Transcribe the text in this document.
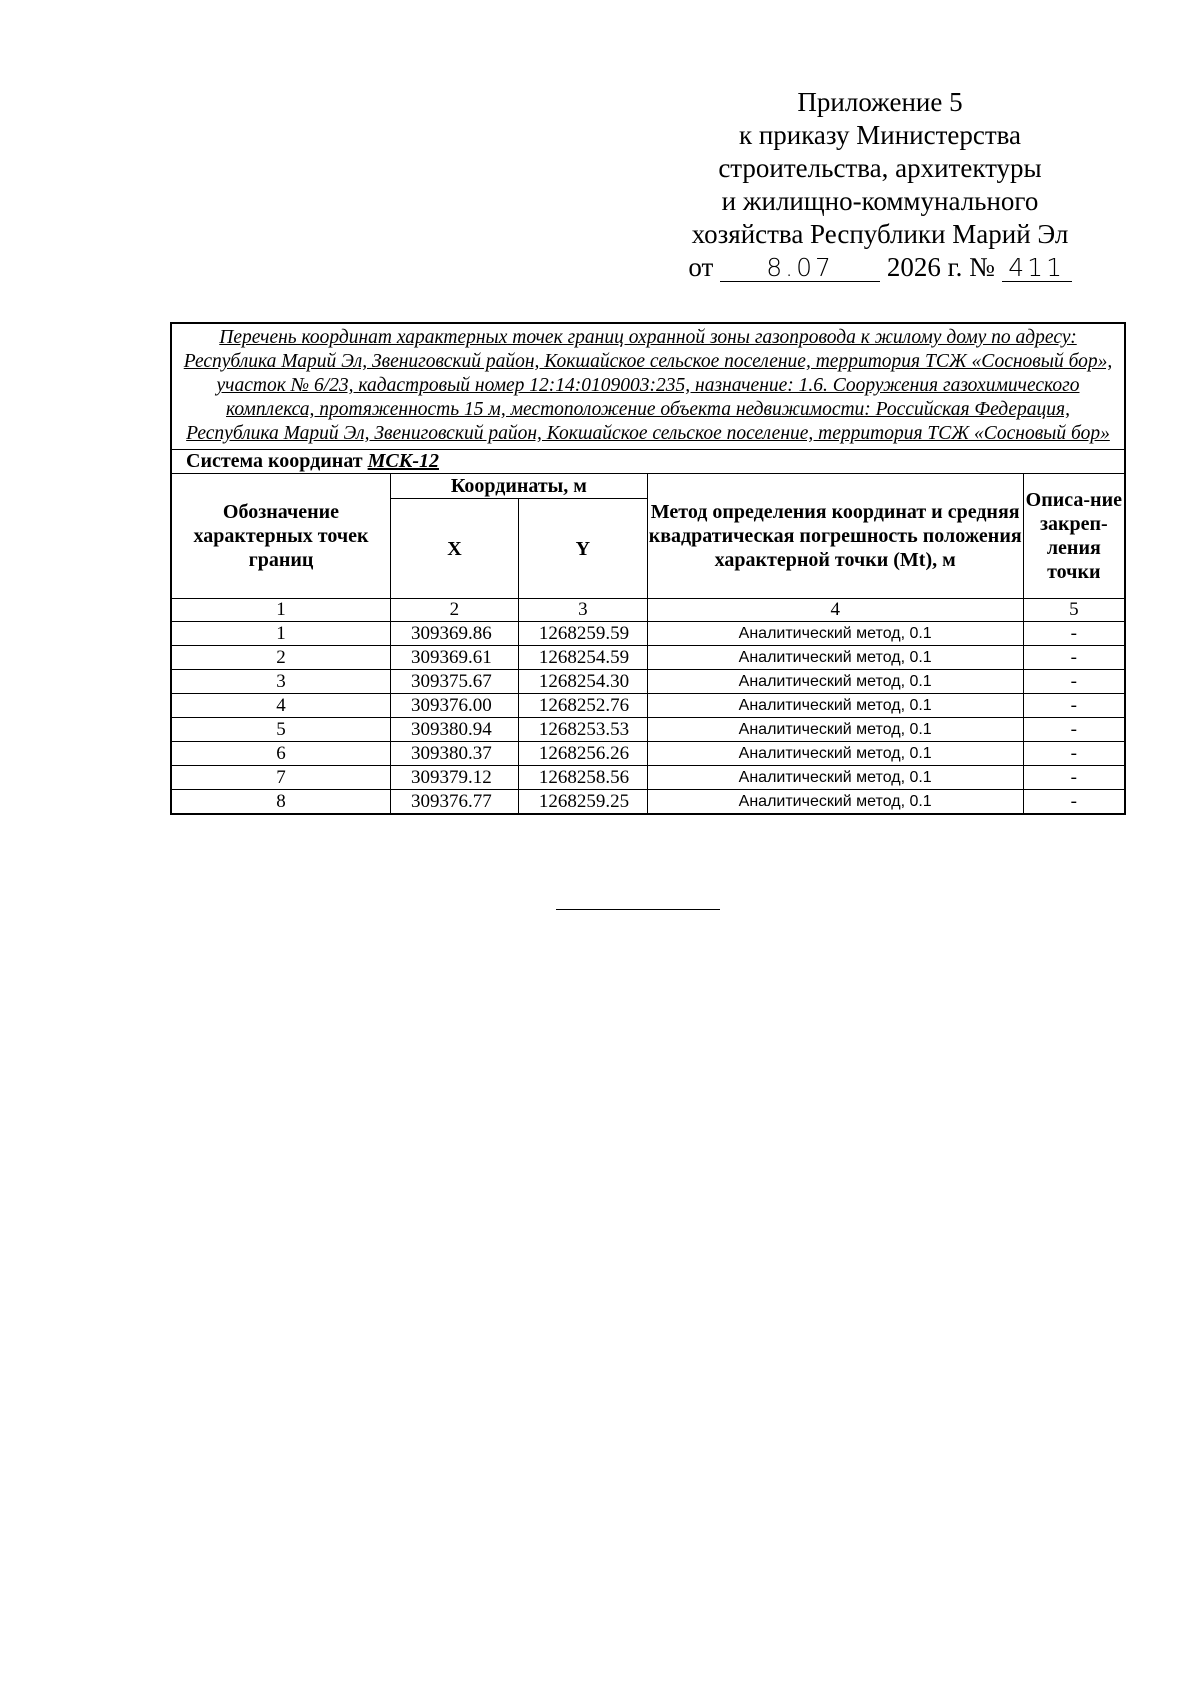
Приложение 5
к приказу Министерства
строительства, архитектуры
и жилищно-коммунального
хозяйства Республики Марий Эл
от 8.07 2026 г. № 411
Перечень координат характерных точек границ охранной зоны газопровода к жилому дому по адресу: Республика Марий Эл, Звениговский район, Кокшайское сельское поселение, территория ТСЖ «Сосновый бор», участок № 6/23, кадастровый номер 12:14:0109003:235, назначение: 1.6. Сооружения газохимического комплекса, протяженность 15 м, местоположение объекта недвижимости: Российская Федерация, Республика Марий Эл, Звениговский район, Кокшайское сельское поселение, территория ТСЖ «Сосновый бор»				
Система координат МСК-12				
Обозначение характерных точек границ	Координаты, м		Метод определения координат и средняя квадратическая погрешность положения характерной точки (Mt), м	Описа-ние закреп-ления точки
	X	Y		
1	2	3	4	5
1	309369.86	1268259.59	Аналитический метод, 0.1	-
2	309369.61	1268254.59	Аналитический метод, 0.1	-
3	309375.67	1268254.30	Аналитический метод, 0.1	-
4	309376.00	1268252.76	Аналитический метод, 0.1	-
5	309380.94	1268253.53	Аналитический метод, 0.1	-
6	309380.37	1268256.26	Аналитический метод, 0.1	-
7	309379.12	1268258.56	Аналитический метод, 0.1	-
8	309376.77	1268259.25	Аналитический метод, 0.1	-
